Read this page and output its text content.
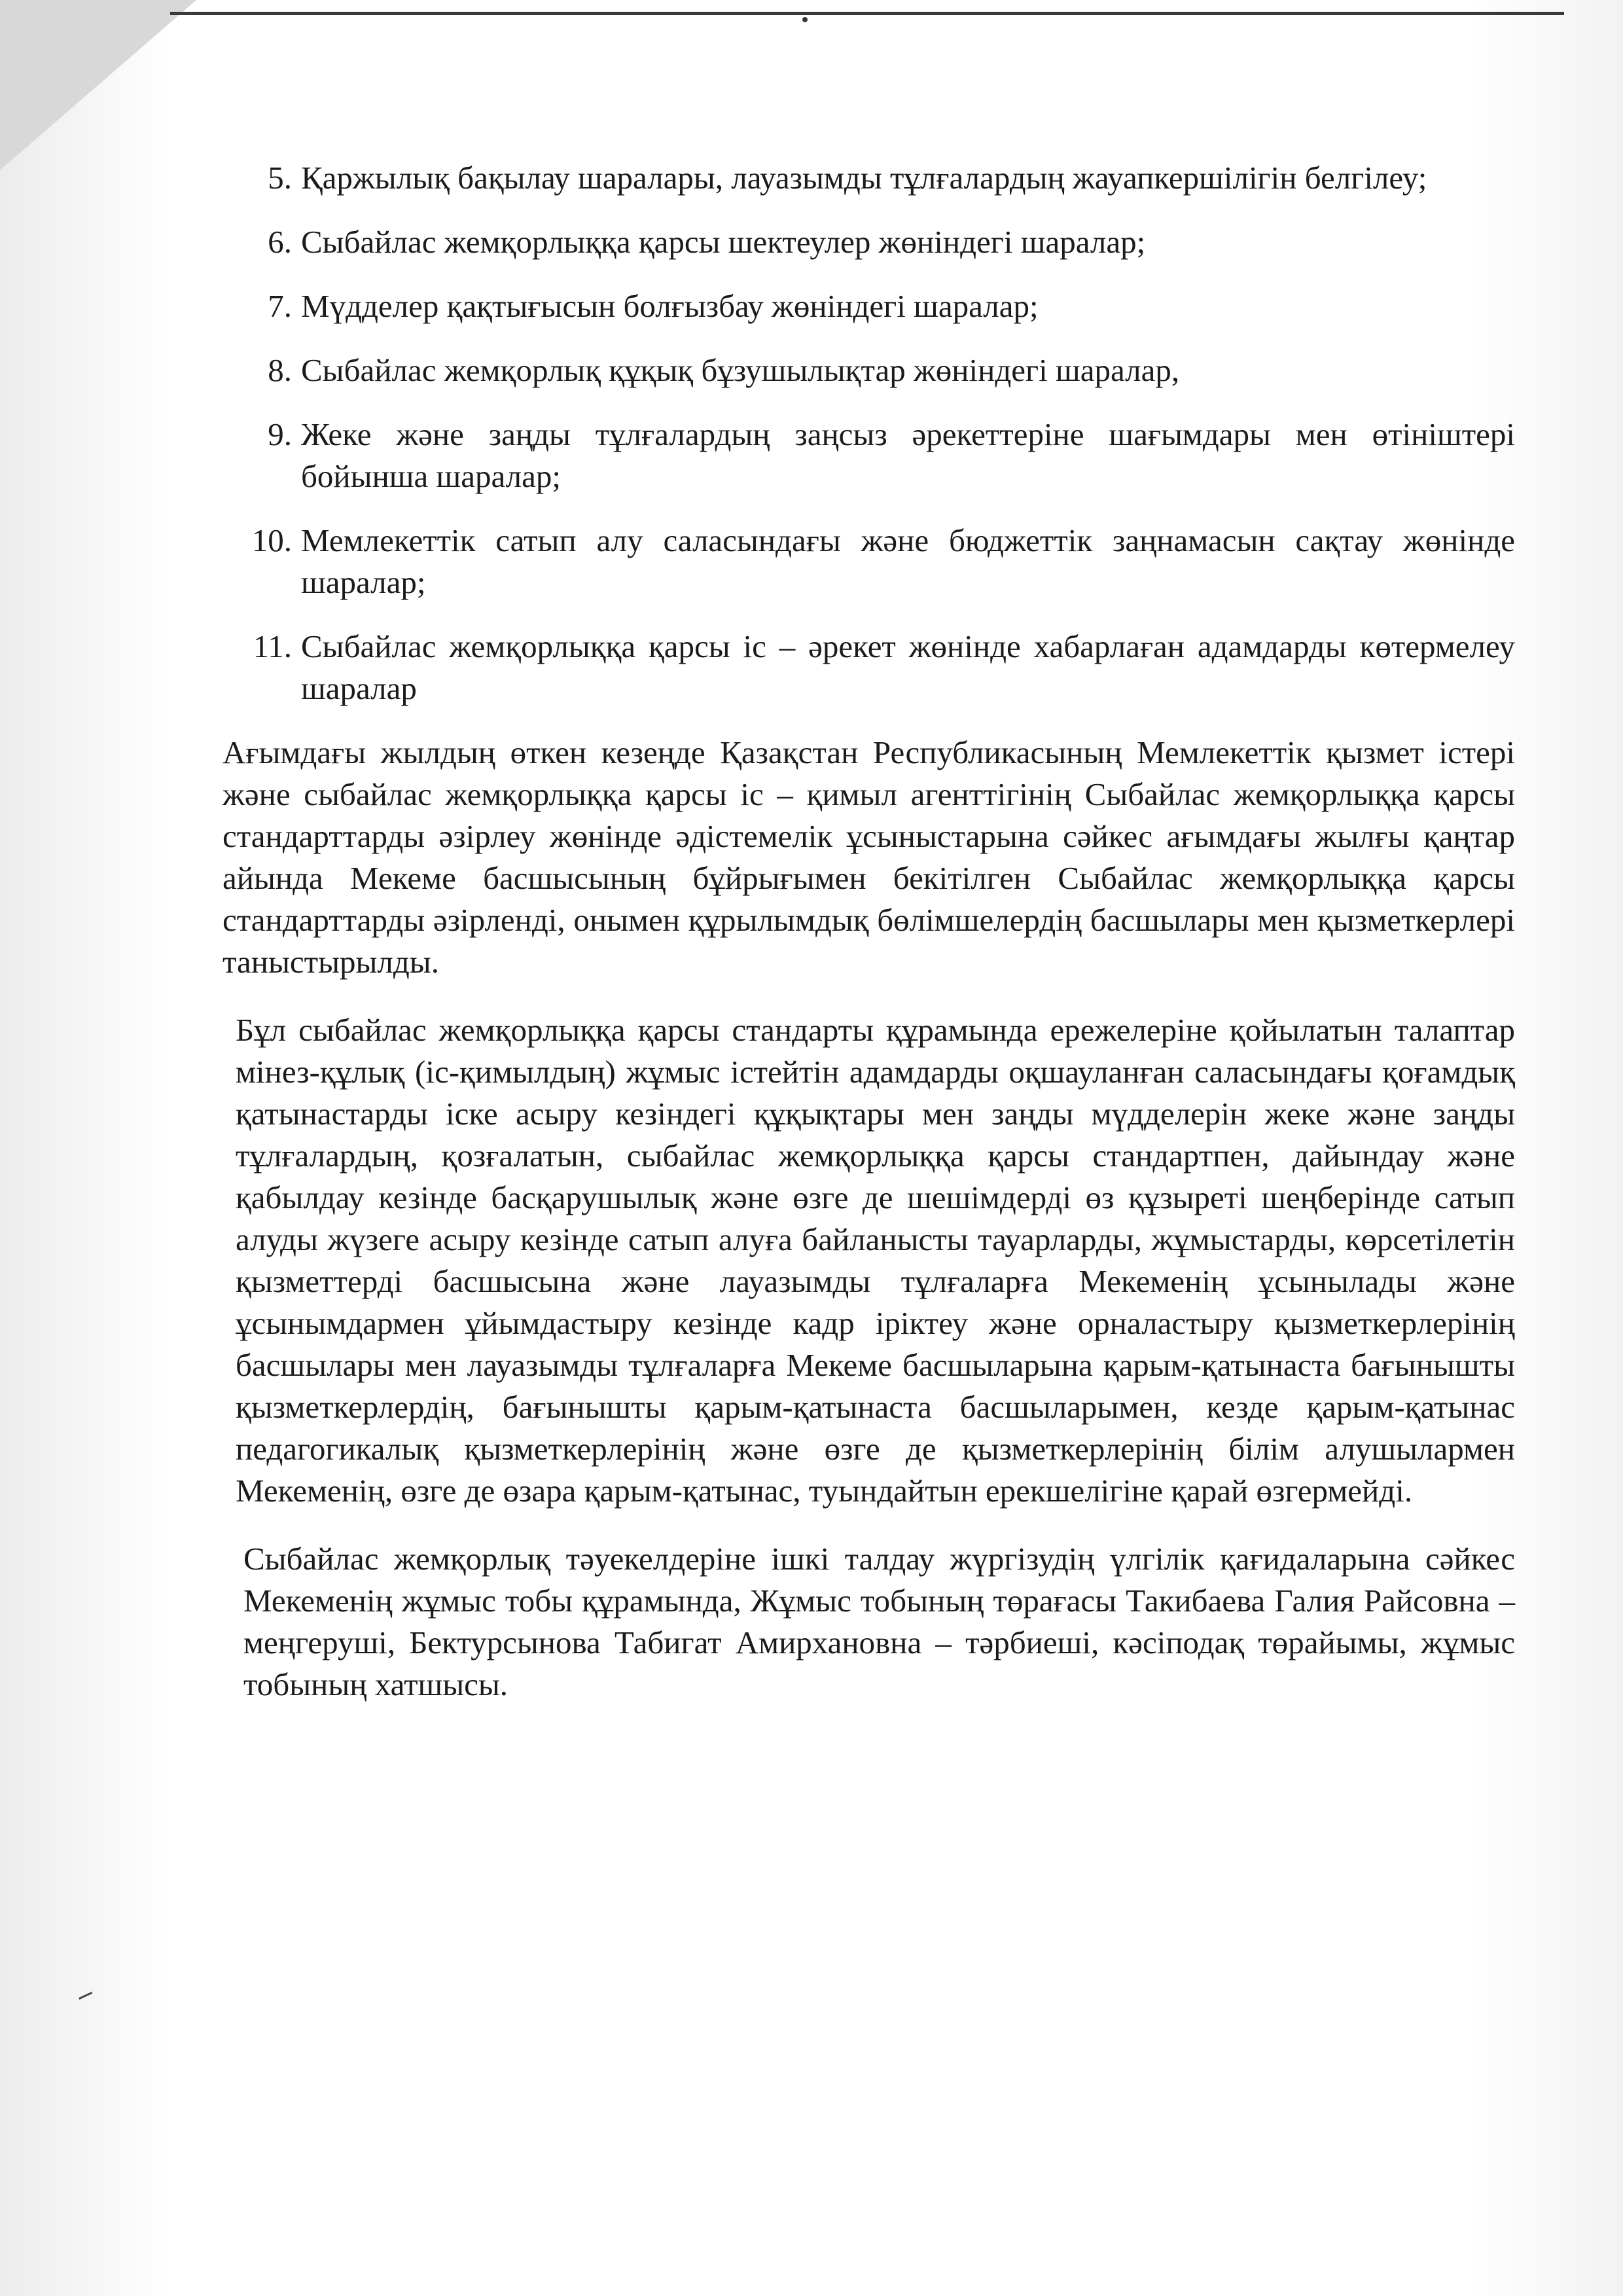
5. Қаржылық бақылау шаралары, лауазымды тұлғалардың жауапкершілігін белгілеу;
6. Сыбайлас жемқорлыққа қарсы шектеулер жөніндегі шаралар;
7. Мүдделер қақтығысын болғызбау жөніндегі шаралар;
8. Сыбайлас жемқорлық құқық бұзушылықтар жөніндегі шаралар,
9. Жеке және заңды тұлғалардың заңсыз әрекеттеріне шағымдары мен өтініштері бойынша шаралар;
10. Мемлекеттік сатып алу саласындағы және бюджеттік заңнамасын сақтау жөнінде шаралар;
11. Сыбайлас жемқорлыққа қарсы іс – әрекет жөнінде хабарлаған адамдарды көтермелеу шаралар

Ағымдағы жылдың өткен кезеңде Қазақстан Республикасының Мемлекеттік қызмет істері және сыбайлас жемқорлыққа қарсы іс – қимыл агенттігінің Сыбайлас жемқорлыққа қарсы стандарттарды әзірлеу жөнінде әдістемелік ұсыныстарына сәйкес ағымдағы жылғы қаңтар айында Мекеме басшысының бұйрығымен бекітілген Сыбайлас жемқорлыққа қарсы стандарттарды әзірленді, онымен құрылымдық бөлімшелердің басшылары мен қызметкерлері таныстырылды.

Бұл сыбайлас жемқорлыққа қарсы стандарты құрамында ережелеріне қойылатын талаптар мінез-құлық (іс-қимылдың) жұмыс істейтін адамдарды оқшауланған саласындағы қоғамдық қатынастарды іске асыру кезіндегі құқықтары мен заңды мүдделерін жеке және заңды тұлғалардың, қозғалатын, сыбайлас жемқорлыққа қарсы стандартпен, дайындау және қабылдау кезінде басқарушылық және өзге де шешімдерді өз құзыреті шеңберінде сатып алуды жүзеге асыру кезінде сатып алуға байланысты тауарларды, жұмыстарды, көрсетілетін қызметтерді басшысына және лауазымды тұлғаларға Мекеменің ұсынылады және ұсынымдармен ұйымдастыру кезінде кадр іріктеу және орналастыру қызметкерлерінің басшылары мен лауазымды тұлғаларға Мекеме басшыларына қарым-қатынаста бағынышты қызметкерлердің, бағынышты қарым-қатынаста басшыларымен, кезде қарым-қатынас педагогикалық қызметкерлерінің және өзге де қызметкерлерінің білім алушылармен Мекеменің, өзге де өзара қарым-қатынас, туындайтын ерекшелігіне қарай өзгермейді.

Сыбайлас жемқорлық тәуекелдеріне ішкі талдау жүргізудің үлгілік қағидаларына сәйкес Мекеменің жұмыс тобы құрамында, Жұмыс тобының төрағасы Такибаева Галия Райсовна – меңгеруші, Бектурсынова Табигат Амирхановна – тәрбиеші, кәсіподақ төрайымы, жұмыс тобының хатшысы.
